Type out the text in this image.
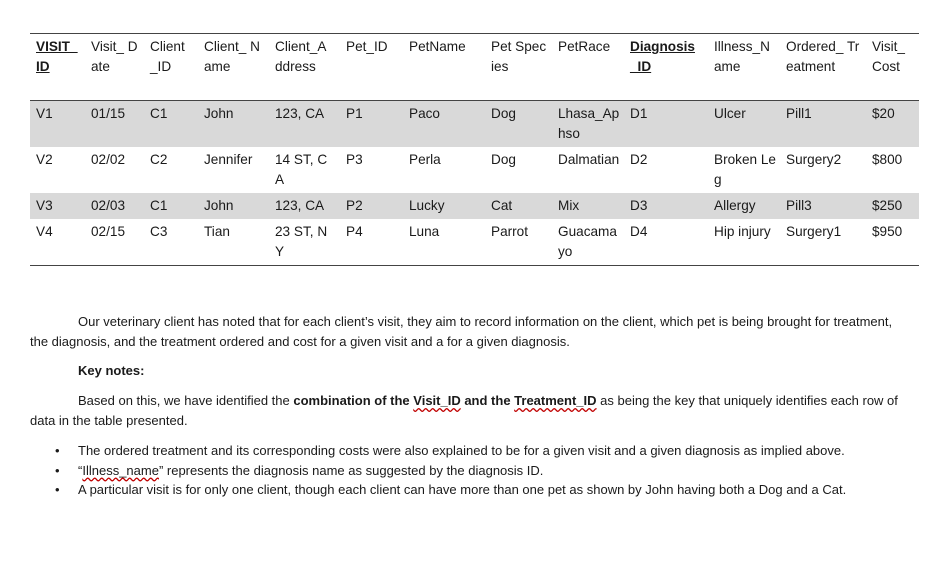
VISIT_ID	Visit_ Date	Client _ID	Client_ Name	Client_A ddress	Pet_ID	PetName	Pet Species	PetRace	Diagnosis _ID	Illness_N ame	Ordered_ Treatment	Visit_ Cost
V1	01/15	C1	John	123, CA	P1	Paco	Dog	Lhasa_Aphso	D1	Ulcer	Pill1	$20
V2	02/02	C2	Jennifer	14 ST, CA	P3	Perla	Dog	Dalmatian	D2	Broken Leg	Surgery2	$800
V3	02/03	C1	John	123, CA	P2	Lucky	Cat	Mix	D3	Allergy	Pill3	$250
V4	02/15	C3	Tian	23 ST, NY	P4	Luna	Parrot	Guacamayo	D4	Hip injury	Surgery1	$950

Our veterinary client has noted that for each client’s visit, they aim to record information on the client, which pet is being brought for treatment, the diagnosis, and the treatment ordered and cost for a given visit and a for a given diagnosis.

Key notes:

Based on this, we have identified the combination of the Visit_ID and the Treatment_ID as being the key that uniquely identifies each row of data in the table presented.

• The ordered treatment and its corresponding costs were also explained to be for a given visit and a given diagnosis as implied above.
• “Illness_name” represents the diagnosis name as suggested by the diagnosis ID.
• A particular visit is for only one client, though each client can have more than one pet as shown by John having both a Dog and a Cat.
